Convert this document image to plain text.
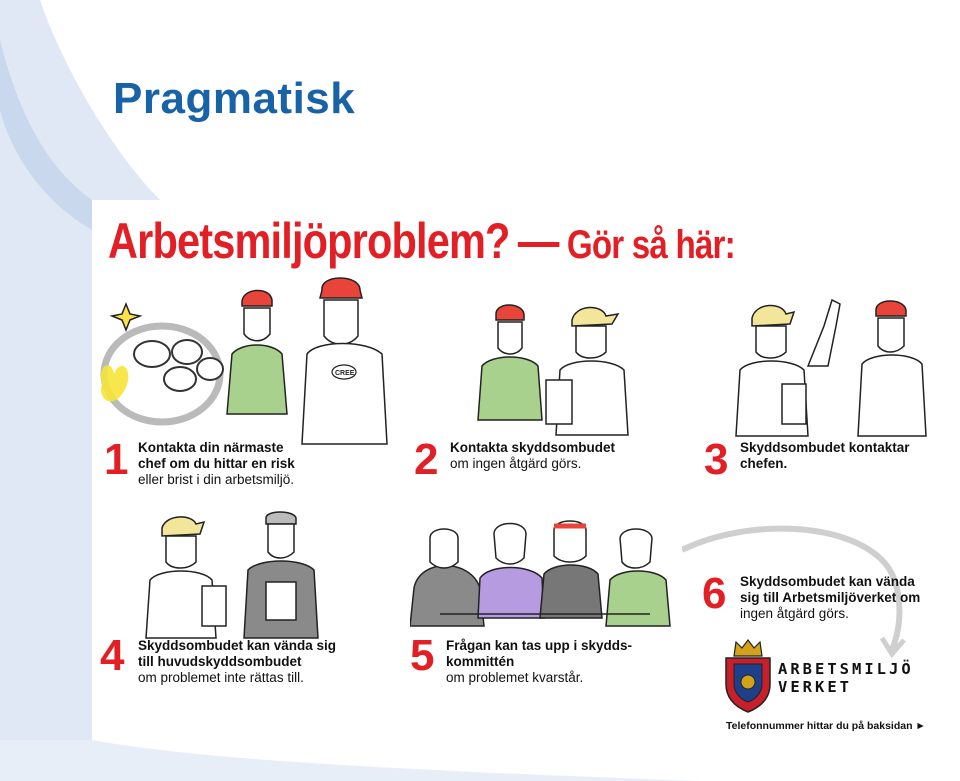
Pragmatisk
Arbetsmiljöproblem? — Gör så här:
CREE
1 Kontakta din närmaste
chef om du hittar en risk
eller brist i din arbetsmiljö.	2 Kontakta skyddsombudet
om ingen åtgärd görs.	3 Skyddsombudet kontaktar
chefen.
4 Skyddsombudet kan vända sig
till huvudskyddsombudet
om problemet inte rättas till.	5 Frågan kan tas upp i skydds-
kommittén
om problemet kvarstår.
6 Skyddsombudet kan vända
sig till Arbetsmiljöverket om
ingen åtgärd görs.
ARBETSMILJÖ
VERKET
Telefonnummer hittar du på baksidan ►
